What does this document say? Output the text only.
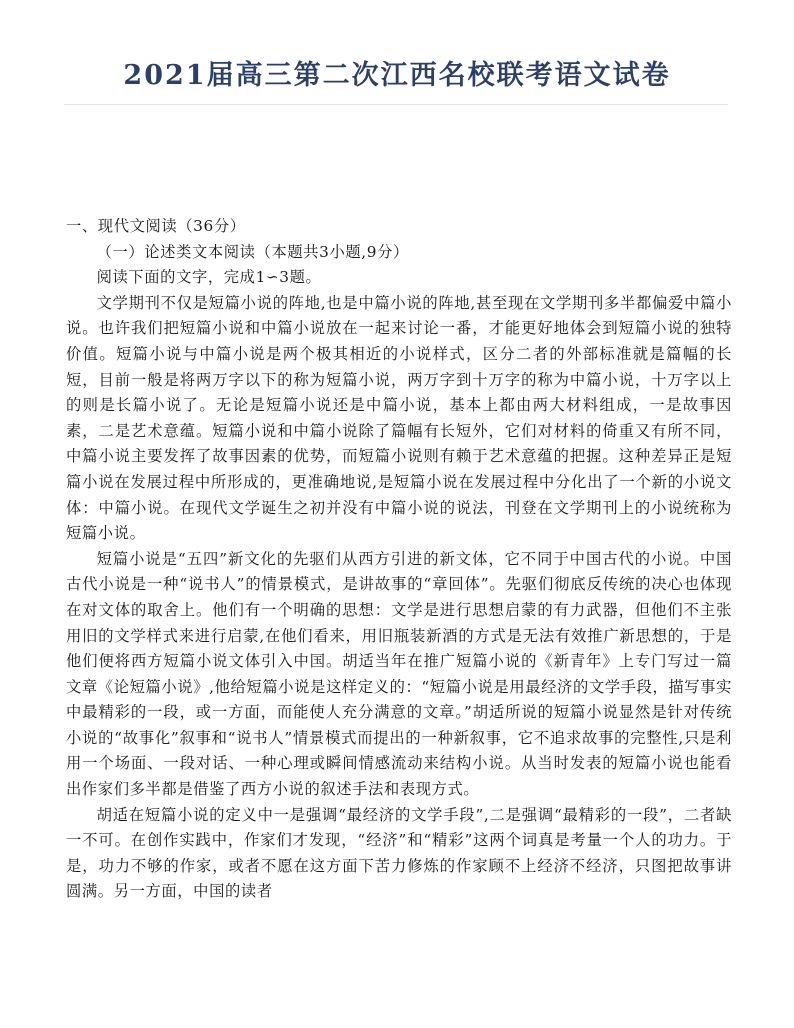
2021届高三第二次江西名校联考语文试卷

一、现代文阅读（36分）

（一）论述类文本阅读（本题共3小题,9分）

阅读下面的文字，完成1∽3题。

文学期刊不仅是短篇小说的阵地,也是中篇小说的阵地,甚至现在文学期刊多半都偏爱中篇小说。也许我们把短篇小说和中篇小说放在一起来讨论一番，才能更好地体会到短篇小说的独特价值。短篇小说与中篇小说是两个极其相近的小说样式，区分二者的外部标准就是篇幅的长短，目前一般是将两万字以下的称为短篇小说，两万字到十万字的称为中篇小说，十万字以上的则是长篇小说了。无论是短篇小说还是中篇小说，基本上都由两大材料组成，一是故事因素，二是艺术意蕴。短篇小说和中篇小说除了篇幅有长短外，它们对材料的倚重又有所不同，中篇小说主要发挥了故事因素的优势，而短篇小说则有赖于艺术意蕴的把握。这种差异正是短篇小说在发展过程中所形成的，更准确地说,是短篇小说在发展过程中分化出了一个新的小说文体：中篇小说。在现代文学诞生之初并没有中篇小说的说法，刊登在文学期刊上的小说统称为短篇小说。

短篇小说是“五四”新文化的先驱们从西方引进的新文体，它不同于中国古代的小说。中国古代小说是一种“说书人”的情景模式，是讲故事的“章回体”。先驱们彻底反传统的决心也体现在对文体的取舍上。他们有一个明确的思想：文学是进行思想启蒙的有力武器，但他们不主张用旧的文学样式来进行启蒙,在他们看来，用旧瓶装新酒的方式是无法有效推广新思想的，于是他们便将西方短篇小说文体引入中国。胡适当年在推广短篇小说的《新青年》上专门写过一篇文章《论短篇小说》,他给短篇小说是这样定义的：“短篇小说是用最经济的文学手段，描写事实中最精彩的一段，或一方面，而能使人充分满意的文章。”胡适所说的短篇小说显然是针对传统小说的“故事化”叙事和“说书人”情景模式而提出的一种新叙事，它不追求故事的完整性,只是利用一个场面、一段对话、一种心理或瞬间情感流动来结构小说。从当时发表的短篇小说也能看出作家们多半都是借鉴了西方小说的叙述手法和表现方式。

胡适在短篇小说的定义中一是强调“最经济的文学手段”,二是强调“最精彩的一段”，二者缺一不可。在创作实践中，作家们才发现，“经济”和“精彩”这两个词真是考量一个人的功力。于是，功力不够的作家，或者不愿在这方面下苦力修炼的作家顾不上经济不经济，只图把故事讲圆满。另一方面，中国的读者
